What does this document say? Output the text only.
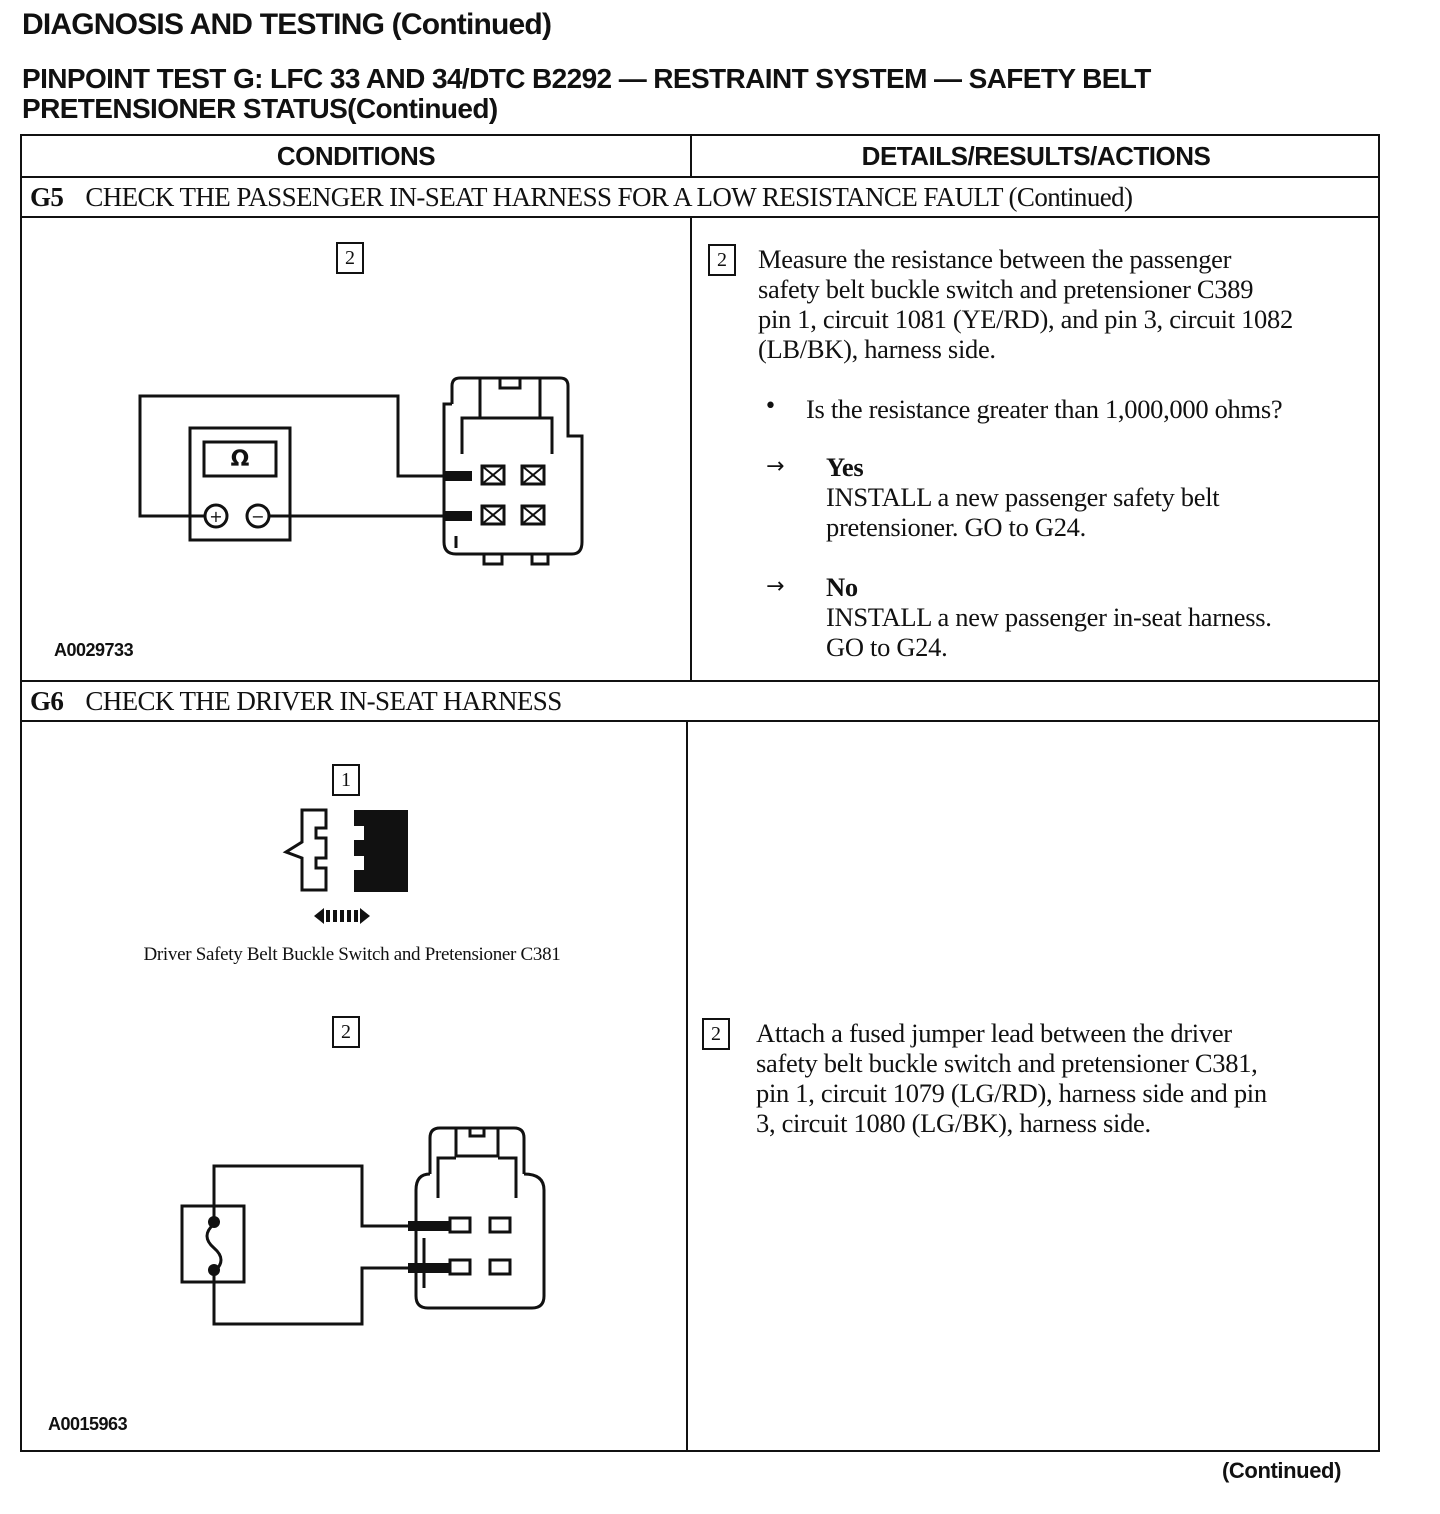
DIAGNOSIS AND TESTING (Continued)
PINPOINT TEST G: LFC 33 AND 34/DTC B2292 — RESTRAINT SYSTEM — SAFETY BELT
PRETENSIONER STATUS(Continued)
CONDITIONS	DETAILS/RESULTS/ACTIONS
G5 CHECK THE PASSENGER IN-SEAT HARNESS FOR A LOW RESISTANCE FAULT (Continued)
2
Ω
+ −
A0029733
2	Measure the resistance between the passenger
safety belt buckle switch and pretensioner C389
pin 1, circuit 1081 (YE/RD), and pin 3, circuit 1082
(LB/BK), harness side.
• Is the resistance greater than 1,000,000 ohms?
→ Yes
INSTALL a new passenger safety belt
pretensioner. GO to G24.
→ No
INSTALL a new passenger in-seat harness.
GO to G24.
G6 CHECK THE DRIVER IN-SEAT HARNESS
1
Driver Safety Belt Buckle Switch and Pretensioner C381
2
A0015963
2	Attach a fused jumper lead between the driver
safety belt buckle switch and pretensioner C381,
pin 1, circuit 1079 (LG/RD), harness side and pin
3, circuit 1080 (LG/BK), harness side.
(Continued)
